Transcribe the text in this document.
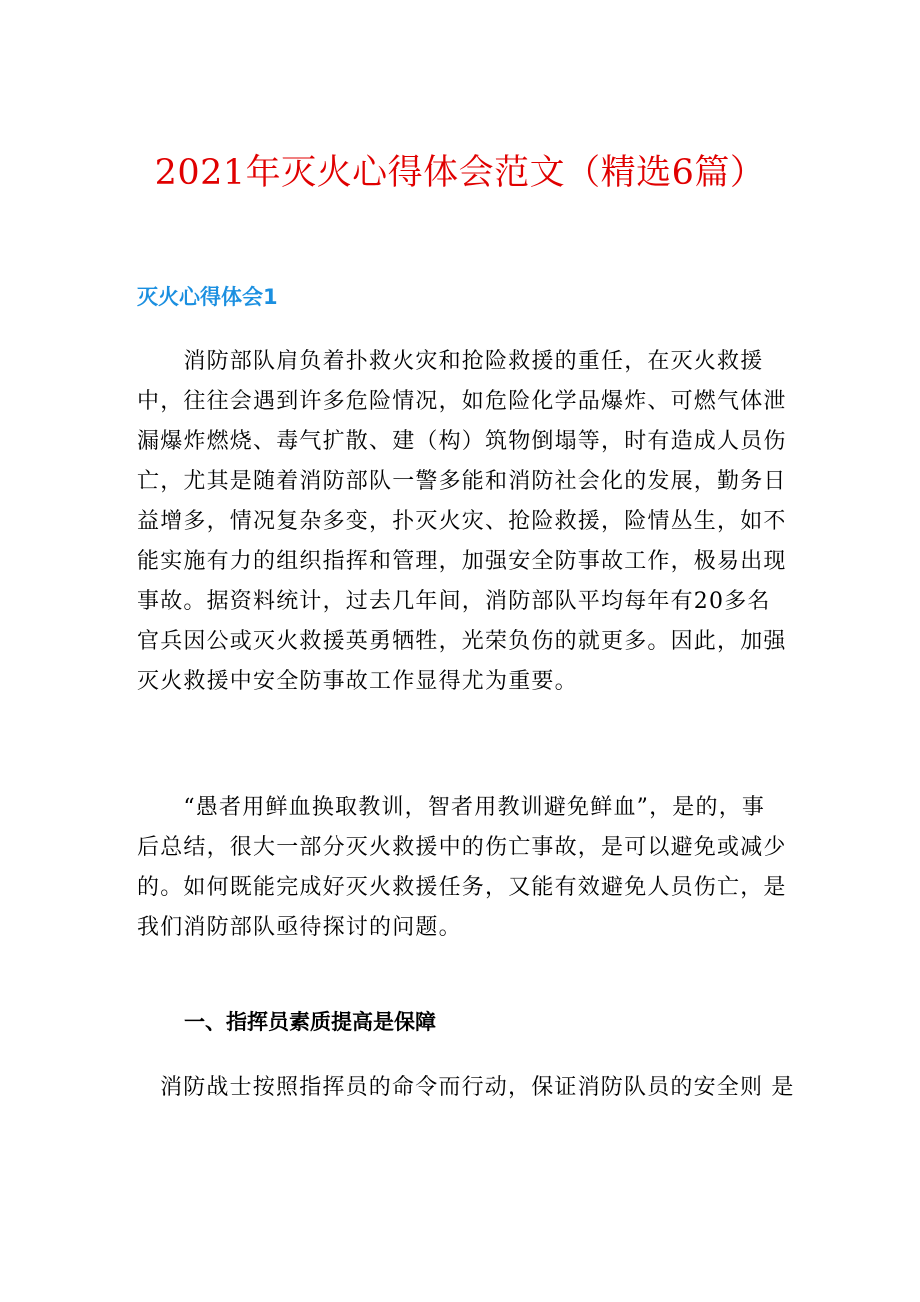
2021年灭火心得体会范文（精选6篇）
灭火心得体会1
　　消防部队肩负着扑救火灾和抢险救援的重任，在灭火救援
中，往往会遇到许多危险情况，如危险化学品爆炸、可燃气体泄
漏爆炸燃烧、毒气扩散、建（构）筑物倒塌等，时有造成人员伤
亡，尤其是随着消防部队一警多能和消防社会化的发展，勤务日
益增多，情况复杂多变，扑灭火灾、抢险救援，险情丛生，如不
能实施有力的组织指挥和管理，加强安全防事故工作，极易出现
事故。据资料统计，过去几年间，消防部队平均每年有20多名
官兵因公或灭火救援英勇牺牲，光荣负伤的就更多。因此，加强
灭火救援中安全防事故工作显得尤为重要。
　　“愚者用鲜血换取教训，智者用教训避免鲜血”，是的，事
后总结，很大一部分灭火救援中的伤亡事故，是可以避免或减少
的。如何既能完成好灭火救援任务，又能有效避免人员伤亡，是
我们消防部队亟待探讨的问题。
一、指挥员素质提高是保障
消防战士按照指挥员的命令而行动，保证消防队员的安全则 是
